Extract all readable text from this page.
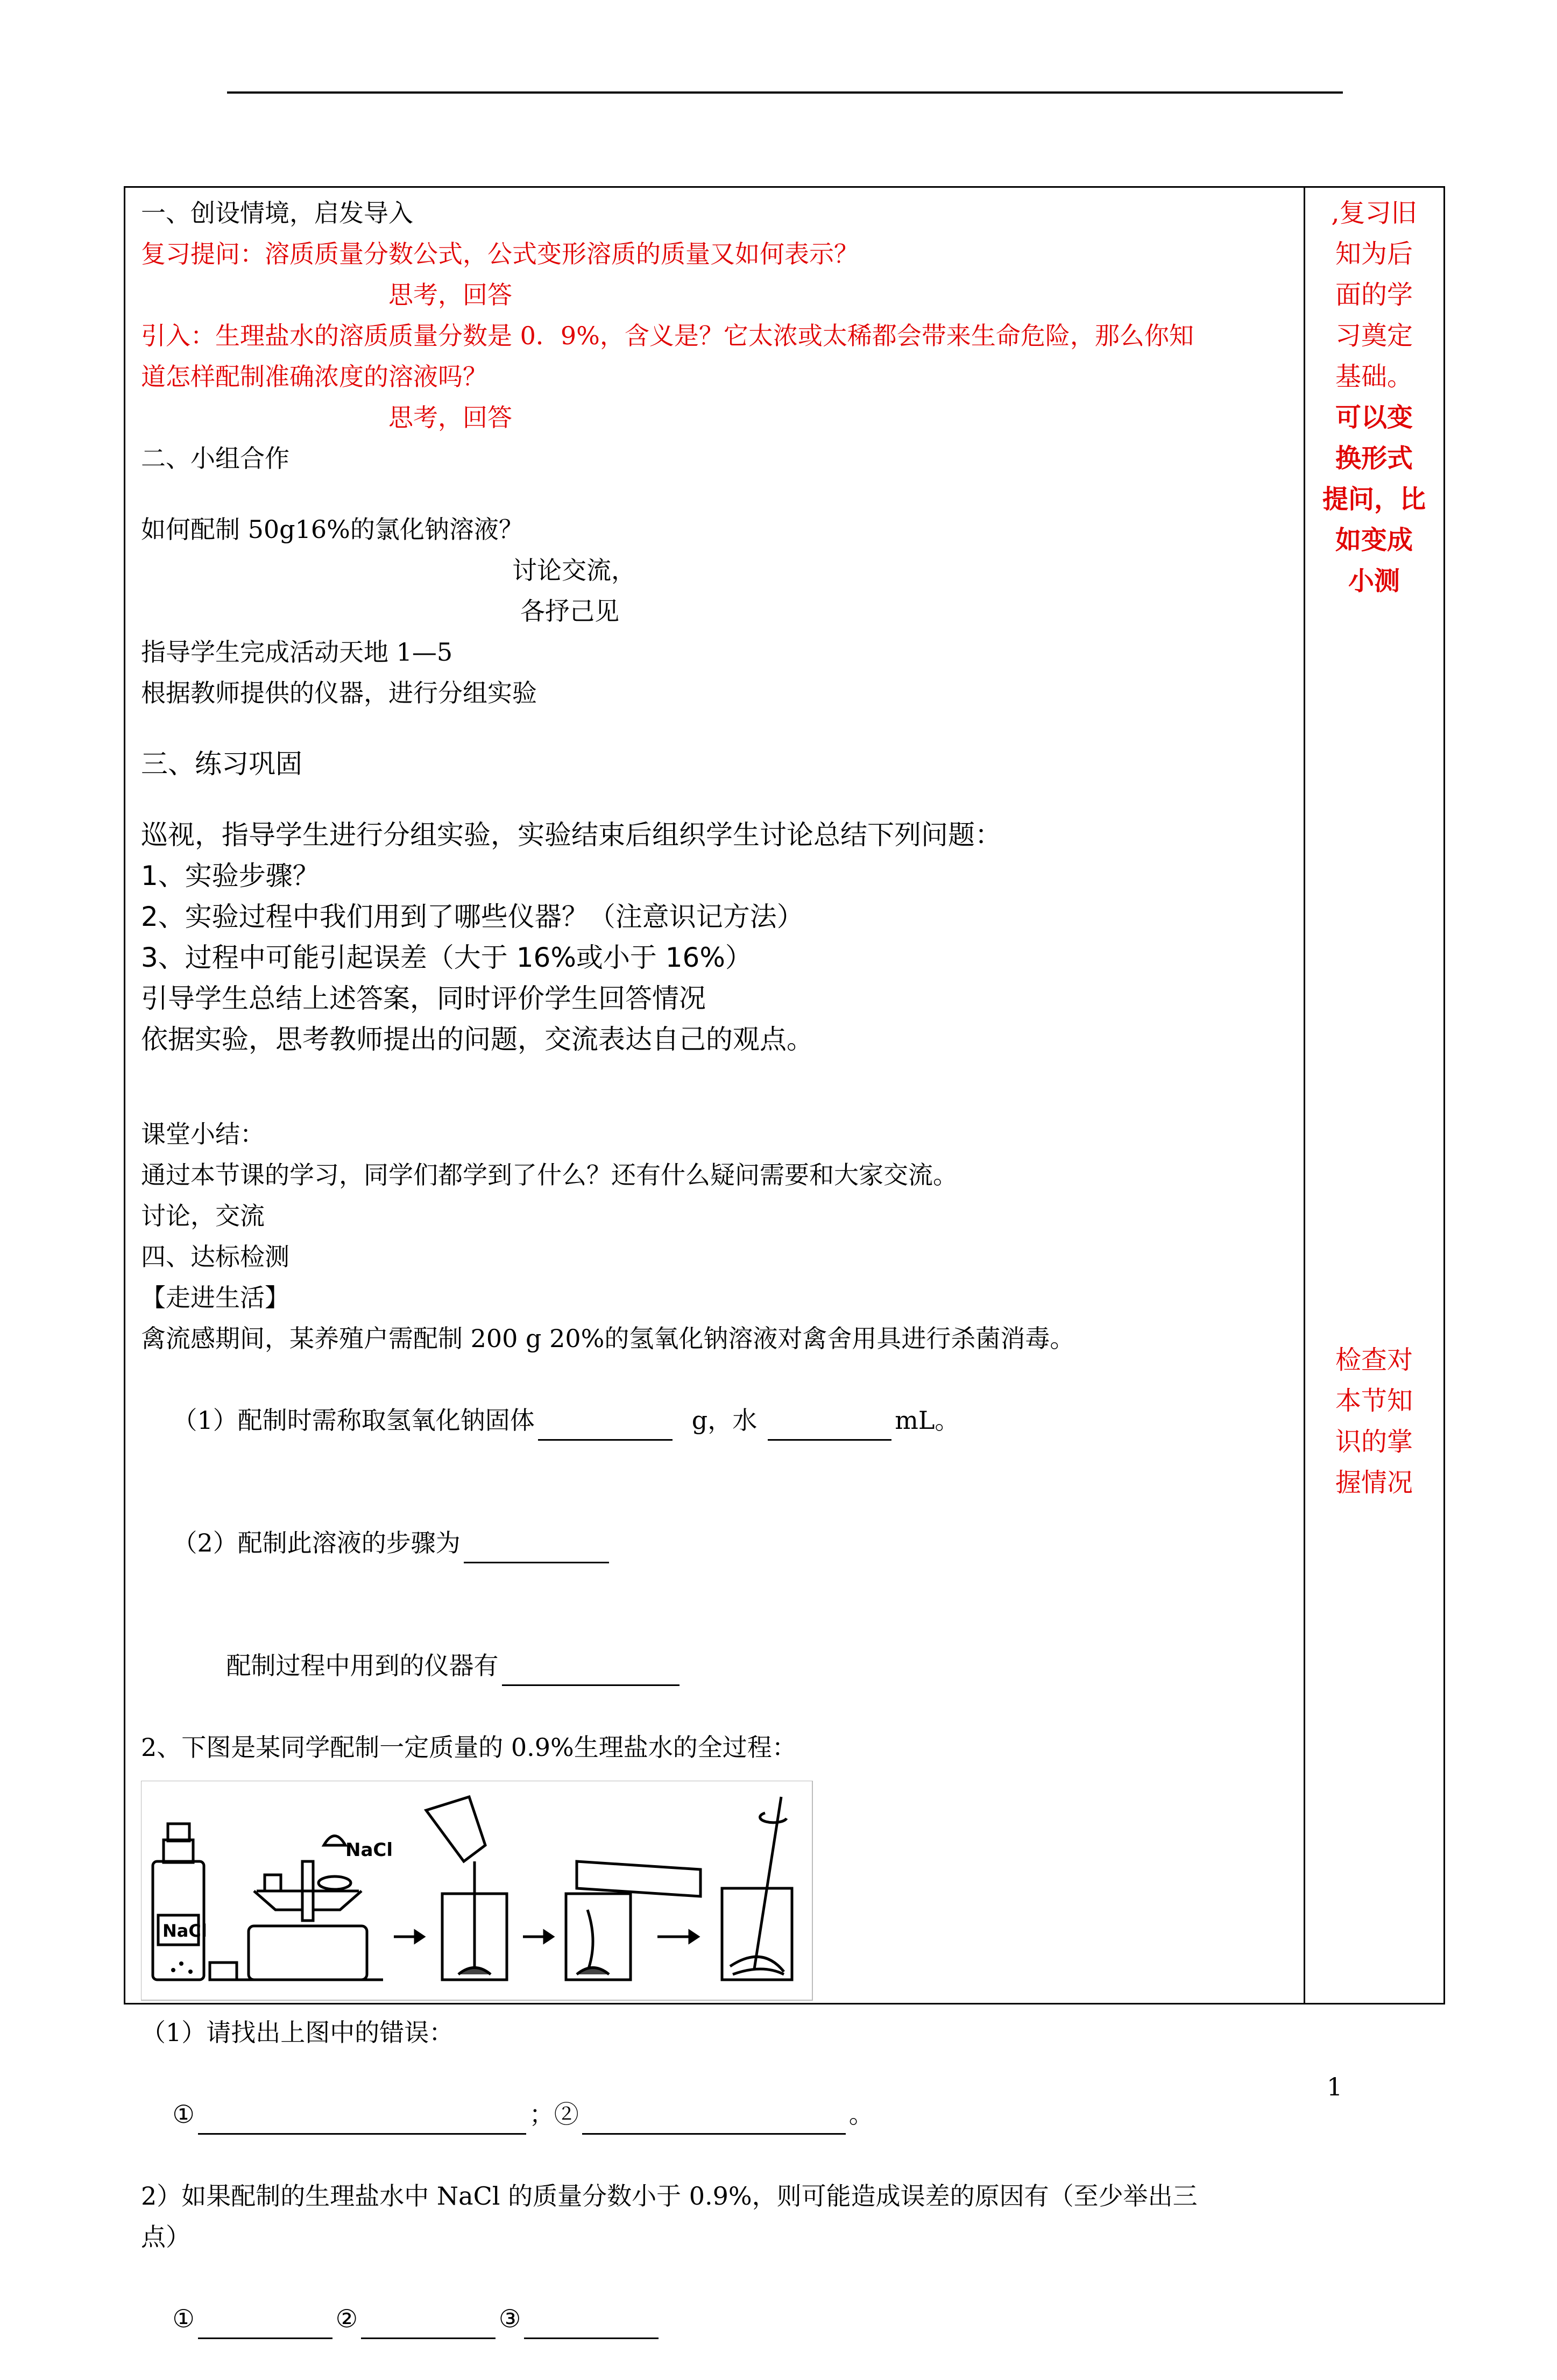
一、创设情境，启发导入
复习提问：溶质质量分数公式，公式变形溶质的质量又如何表示？
思考，回答
引入：生理盐水的溶质质量分数是 0．9%，含义是？它太浓或太稀都会带来生命危险，那么你知
道怎样配制准确浓度的溶液吗？
思考，回答
二、小组合作
如何配制 50g16%的氯化钠溶液？
讨论交流，
各抒己见
指导学生完成活动天地 1—5
根据教师提供的仪器，进行分组实验
三、练习巩固
巡视，指导学生进行分组实验，实验结束后组织学生讨论总结下列问题：
1、实验步骤？
2、实验过程中我们用到了哪些仪器？（注意识记方法）
3、过程中可能引起误差（大于 16%或小于 16%）
引导学生总结上述答案，同时评价学生回答情况
依据实验，思考教师提出的问题，交流表达自己的观点。
课堂小结：
通过本节课的学习，同学们都学到了什么？还有什么疑问需要和大家交流。
讨论，交流
四、达标检测
【走进生活】
禽流感期间，某养殖户需配制 200 g 20%的氢氧化钠溶液对禽舍用具进行杀菌消毒。

（1）配制时需称取氢氧化钠固体	g，水	mL。

（2）配制此溶液的步骤为

配制过程中用到的仪器有

2、下图是某同学配制一定质量的 0.9%生理盐水的全过程：
NaCl
NaCl
（1）请找出上图中的错误：

①	；②	。

2）如果配制的生理盐水中 NaCl 的质量分数小于 0.9%，则可能造成误差的原因有（至少举出三
点）

①	②	③

,复习旧
知为后
面的学
习奠定
基础。
可以变
换形式
提问，比
如变成
小测
检查对
本节知
识的掌
握情况
1
